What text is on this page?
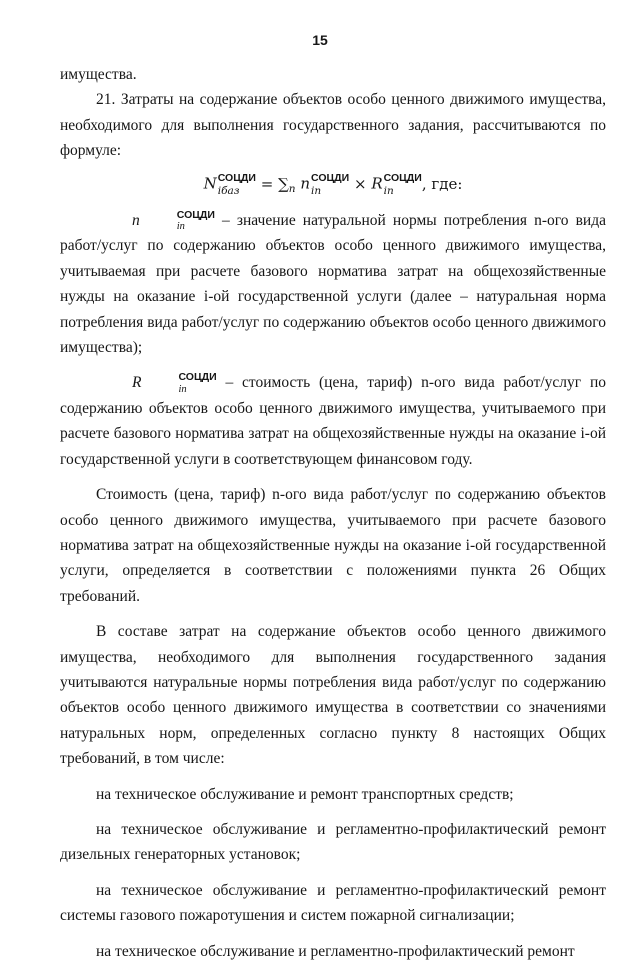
15

имущества.

21. Затраты на содержание объектов особо ценного движимого имущества, необходимого для выполнения государственного задания, рассчитываются по формуле:

N СОЦДИ
iбаз	= $\sum_n$ n СОЦДИ
in	× R СОЦДИ
in	, где:

n	СОЦДИ
in	– значение натуральной нормы потребления n-ого вида работ/услуг по содержанию объектов особо ценного движимого имущества, учитываемая при расчете базового норматива затрат на общехозяйственные нужды на оказание i-ой государственной услуги (далее – натуральная норма потребления вида работ/услуг по содержанию объектов особо ценного движимого имущества);

R	СОЦДИ
in	– стоимость (цена, тариф) n-ого вида работ/услуг по содержанию объектов особо ценного движимого имущества, учитываемого при расчете базового норматива затрат на общехозяйственные нужды на оказание i-ой государственной услуги в соответствующем финансовом году.

Стоимость (цена, тариф) n-ого вида работ/услуг по содержанию объектов особо ценного движимого имущества, учитываемого при расчете базового норматива затрат на общехозяйственные нужды на оказание i-ой государственной услуги, определяется в соответствии с положениями пункта 26 Общих требований.

В составе затрат на содержание объектов особо ценного движимого имущества, необходимого для выполнения государственного задания учитываются натуральные нормы потребления вида работ/услуг по содержанию объектов особо ценного движимого имущества в соответствии со значениями натуральных норм, определенных согласно пункту 8 настоящих Общих требований, в том числе:

на техническое обслуживание и ремонт транспортных средств;

на техническое обслуживание и регламентно-профилактический ремонт дизельных генераторных установок;

на техническое обслуживание и регламентно-профилактический ремонт системы газового пожаротушения и систем пожарной сигнализации;

на техническое обслуживание и регламентно-профилактический ремонт
